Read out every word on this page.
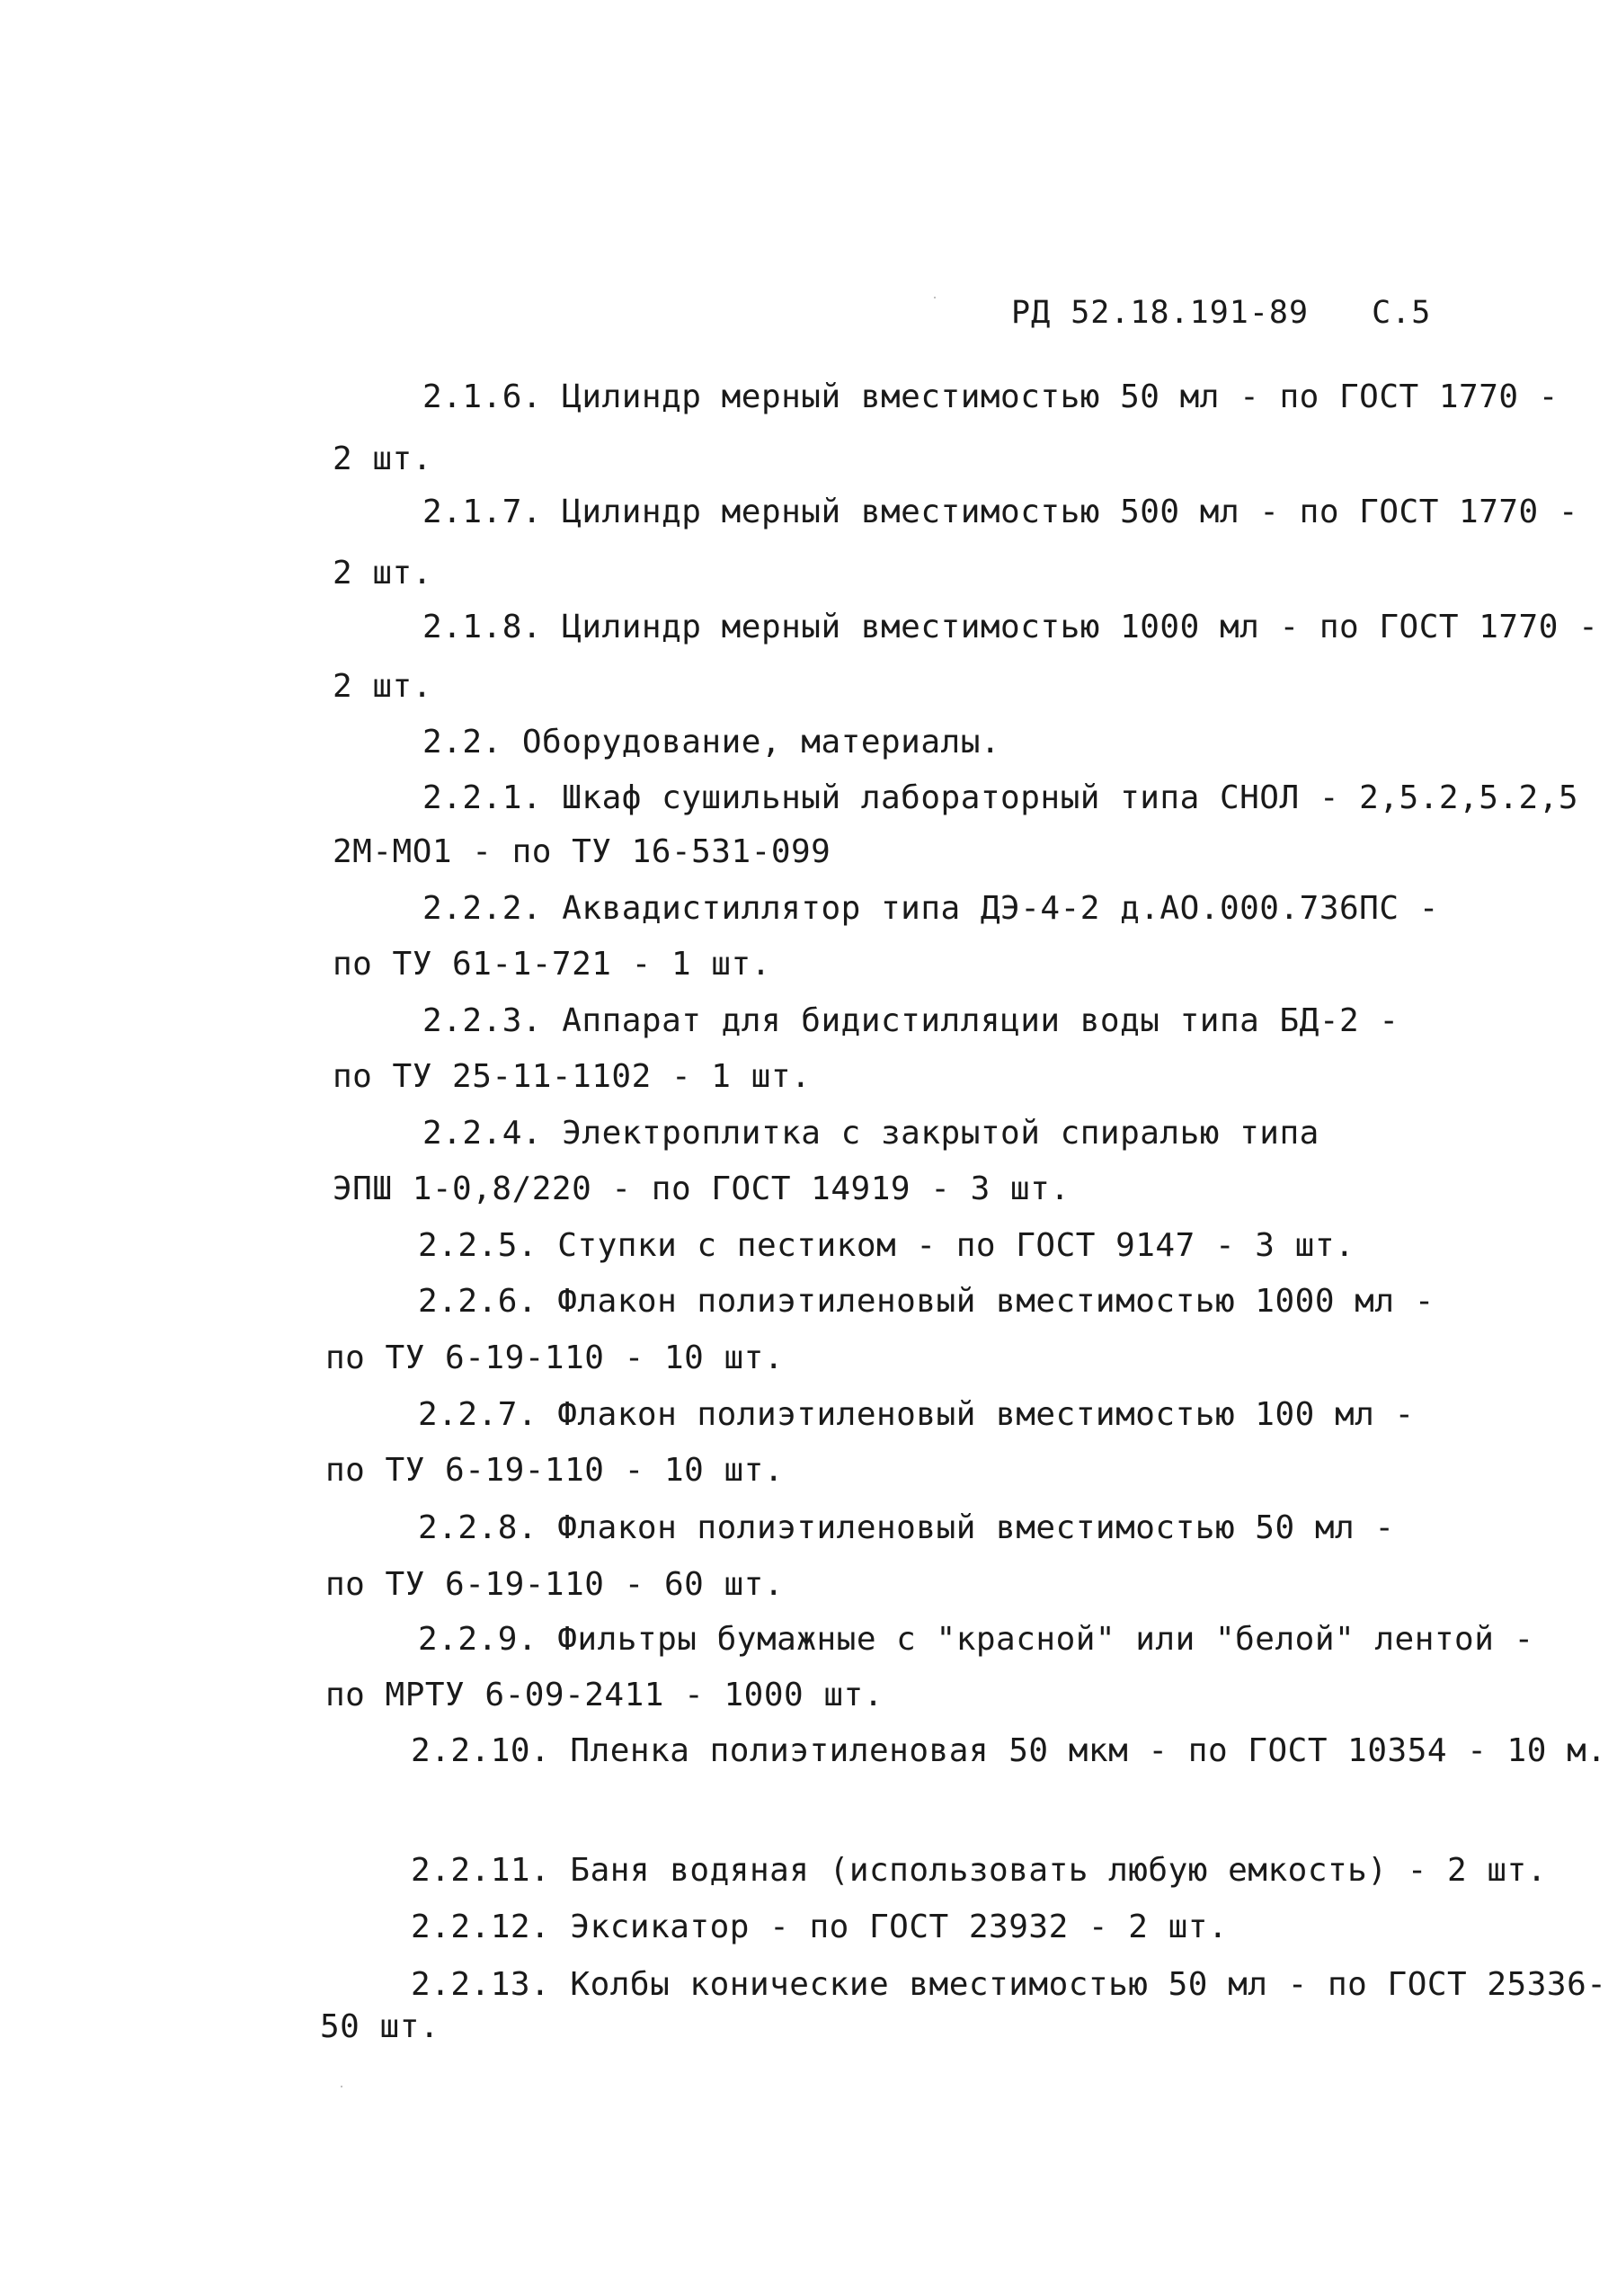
РД 52.18.191-89 С.5
2.1.6. Цилиндр мерный вместимостью 50 мл - по ГОСТ 1770 -
2 шт.
2.1.7. Цилиндр мерный вместимостью 500 мл - по ГОСТ 1770 -
2 шт.
2.1.8. Цилиндр мерный вместимостью 1000 мл - по ГОСТ 1770 -
2 шт.
2.2. Оборудование, материалы.
2.2.1. Шкаф сушильный лабораторный типа СНОЛ - 2,5.2,5.2,5
2М-МО1 - по ТУ 16-531-099
2.2.2. Аквадистиллятор типа ДЭ-4-2 д.АО.000.736ПС -
по ТУ 61-1-721 - 1 шт.
2.2.3. Аппарат для бидистилляции воды типа БД-2 -
по ТУ 25-11-1102 - 1 шт.
2.2.4. Электроплитка с закрытой спиралью типа
ЭПШ 1-0,8/220 - по ГОСТ 14919 - 3 шт.
2.2.5. Ступки с пестиком - по ГОСТ 9147 - 3 шт.
2.2.6. Флакон полиэтиленовый вместимостью 1000 мл -
по ТУ 6-19-110 - 10 шт.
2.2.7. Флакон полиэтиленовый вместимостью 100 мл -
по ТУ 6-19-110 - 10 шт.
2.2.8. Флакон полиэтиленовый вместимостью 50 мл -
по ТУ 6-19-110 - 60 шт.
2.2.9. Фильтры бумажные с "красной" или "белой" лентой -
по МРТУ 6-09-2411 - 1000 шт.
2.2.10. Пленка полиэтиленовая 50 мкм - по ГОСТ 10354 - 10 м.
2.2.11. Баня водяная (использовать любую емкость) - 2 шт.
2.2.12. Эксикатор - по ГОСТ 23932 - 2 шт.
2.2.13. Колбы конические вместимостью 50 мл - по ГОСТ 25336-
50 шт.
